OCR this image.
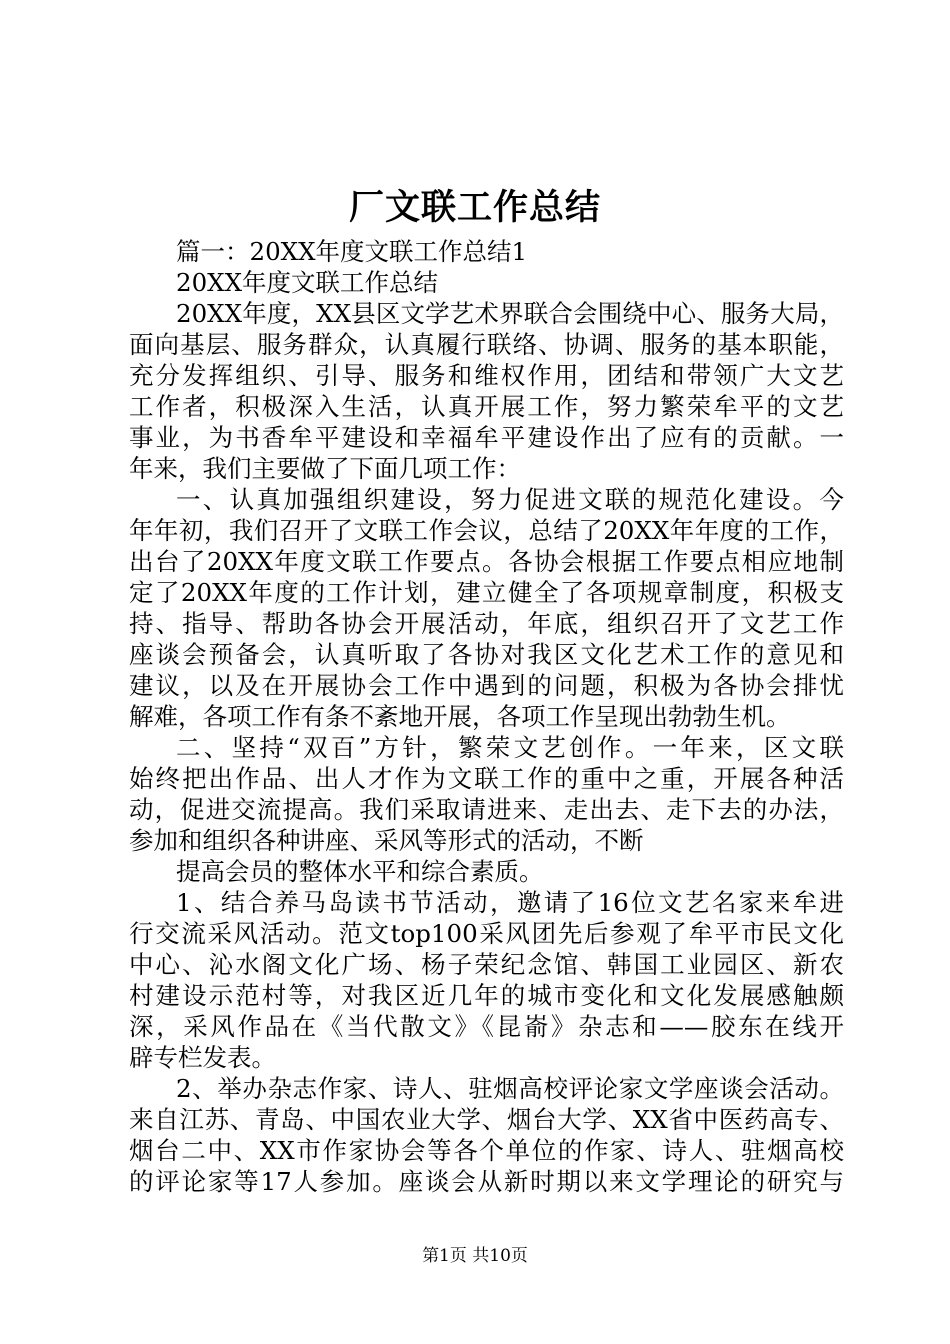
厂文联工作总结
篇一：20XX年度文联工作总结1
20XX年度文联工作总结
20XX年度，XX县区文学艺术界联合会围绕中心、服务大局，
面向基层、服务群众，认真履行联络、协调、服务的基本职能，
充分发挥组织、引导、服务和维权作用，团结和带领广大文艺
工作者，积极深入生活，认真开展工作，努力繁荣牟平的文艺
事业，为书香牟平建设和幸福牟平建设作出了应有的贡献。一
年来，我们主要做了下面几项工作：
一、认真加强组织建设，努力促进文联的规范化建设。今
年年初，我们召开了文联工作会议，总结了20XX年年度的工作，
出台了20XX年度文联工作要点。各协会根据工作要点相应地制
定了20XX年度的工作计划，建立健全了各项规章制度，积极支
持、指导、帮助各协会开展活动，年底，组织召开了文艺工作
座谈会预备会，认真听取了各协对我区文化艺术工作的意见和
建议，以及在开展协会工作中遇到的问题，积极为各协会排忧
解难，各项工作有条不紊地开展，各项工作呈现出勃勃生机。
二、坚持“双百”方针，繁荣文艺创作。一年来，区文联
始终把出作品、出人才作为文联工作的重中之重，开展各种活
动，促进交流提高。我们采取请进来、走出去、走下去的办法，
参加和组织各种讲座、采风等形式的活动，不断
提高会员的整体水平和综合素质。
1、结合养马岛读书节活动，邀请了16位文艺名家来牟进
行交流采风活动。范文top100采风团先后参观了牟平市民文化
中心、沁水阁文化广场、杨子荣纪念馆、韩国工业园区、新农
村建设示范村等，对我区近几年的城市变化和文化发展感触颇
深，采风作品在《当代散文》《昆嵛》杂志和——胶东在线开
辟专栏发表。
2、举办杂志作家、诗人、驻烟高校评论家文学座谈会活动。
来自江苏、青岛、中国农业大学、烟台大学、XX省中医药高专、
烟台二中、XX市作家协会等各个单位的作家、诗人、驻烟高校
的评论家等17人参加。座谈会从新时期以来文学理论的研究与
第1页 共10页
